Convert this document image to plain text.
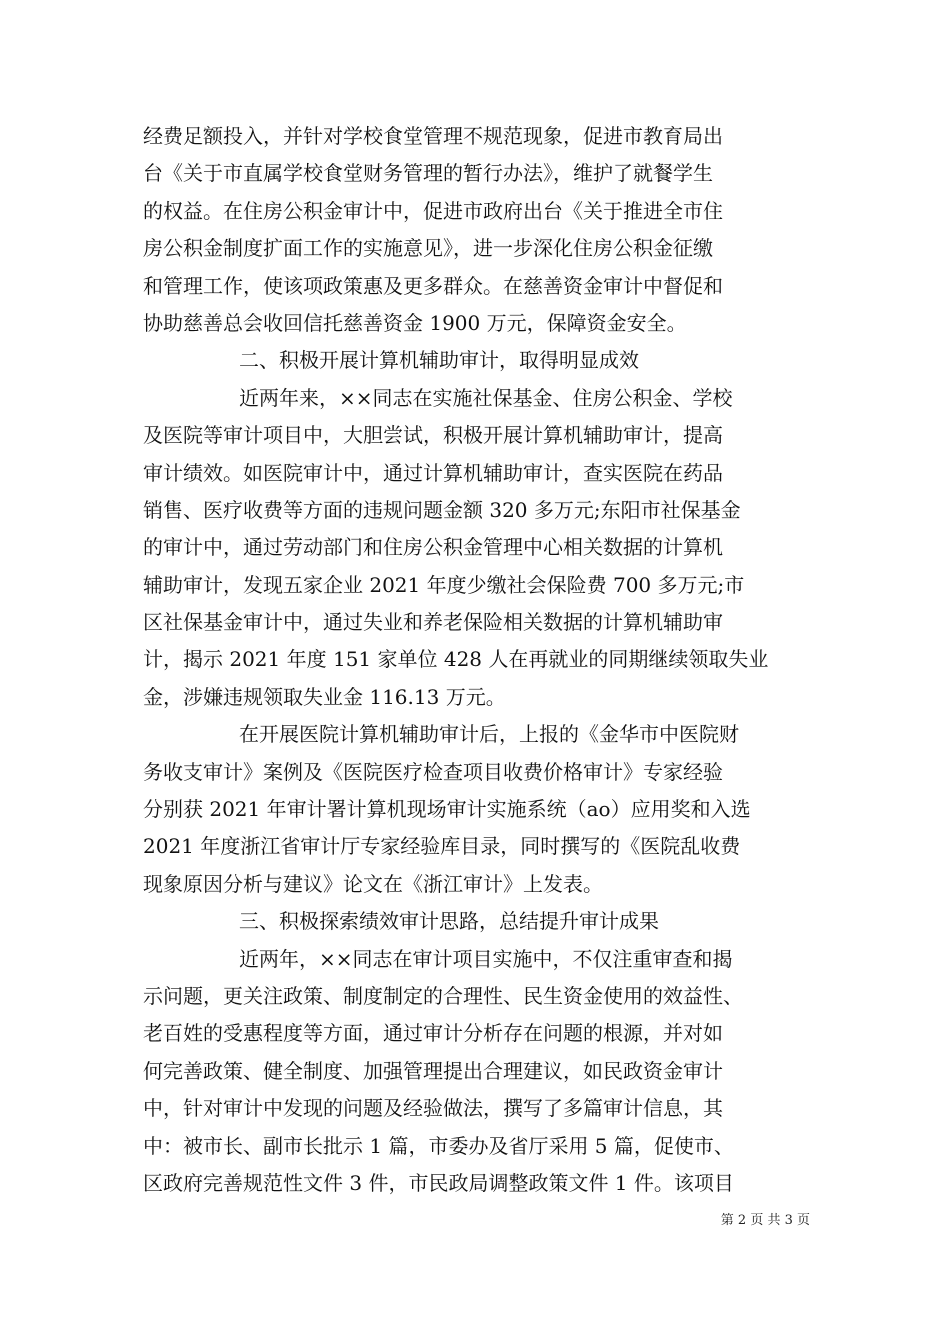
经费足额投入，并针对学校食堂管理不规范现象，促进市教育局出
台《关于市直属学校食堂财务管理的暂行办法》，维护了就餐学生
的权益。在住房公积金审计中，促进市政府出台《关于推进全市住
房公积金制度扩面工作的实施意见》，进一步深化住房公积金征缴
和管理工作，使该项政策惠及更多群众。在慈善资金审计中督促和
协助慈善总会收回信托慈善资金 1900 万元，保障资金安全。
二、积极开展计算机辅助审计，取得明显成效
近两年来，××同志在实施社保基金、住房公积金、学校
及医院等审计项目中，大胆尝试，积极开展计算机辅助审计，提高
审计绩效。如医院审计中，通过计算机辅助审计，查实医院在药品
销售、医疗收费等方面的违规问题金额 320 多万元;东阳市社保基金
的审计中，通过劳动部门和住房公积金管理中心相关数据的计算机
辅助审计，发现五家企业 2021 年度少缴社会保险费 700 多万元;市
区社保基金审计中，通过失业和养老保险相关数据的计算机辅助审
计，揭示 2021 年度 151 家单位 428 人在再就业的同期继续领取失业
金，涉嫌违规领取失业金 116.13 万元。
在开展医院计算机辅助审计后，上报的《金华市中医院财
务收支审计》案例及《医院医疗检查项目收费价格审计》专家经验
分别获 2021 年审计署计算机现场审计实施系统（ao）应用奖和入选
2021 年度浙江省审计厅专家经验库目录，同时撰写的《医院乱收费
现象原因分析与建议》论文在《浙江审计》上发表。
三、积极探索绩效审计思路，总结提升审计成果
近两年，××同志在审计项目实施中，不仅注重审查和揭
示问题，更关注政策、制度制定的合理性、民生资金使用的效益性、
老百姓的受惠程度等方面，通过审计分析存在问题的根源，并对如
何完善政策、健全制度、加强管理提出合理建议，如民政资金审计
中，针对审计中发现的问题及经验做法，撰写了多篇审计信息，其
中：被市长、副市长批示 1 篇，市委办及省厅采用 5 篇，促使市、
区政府完善规范性文件 3 件，市民政局调整政策文件 1 件。该项目
第 2 页 共 3 页
